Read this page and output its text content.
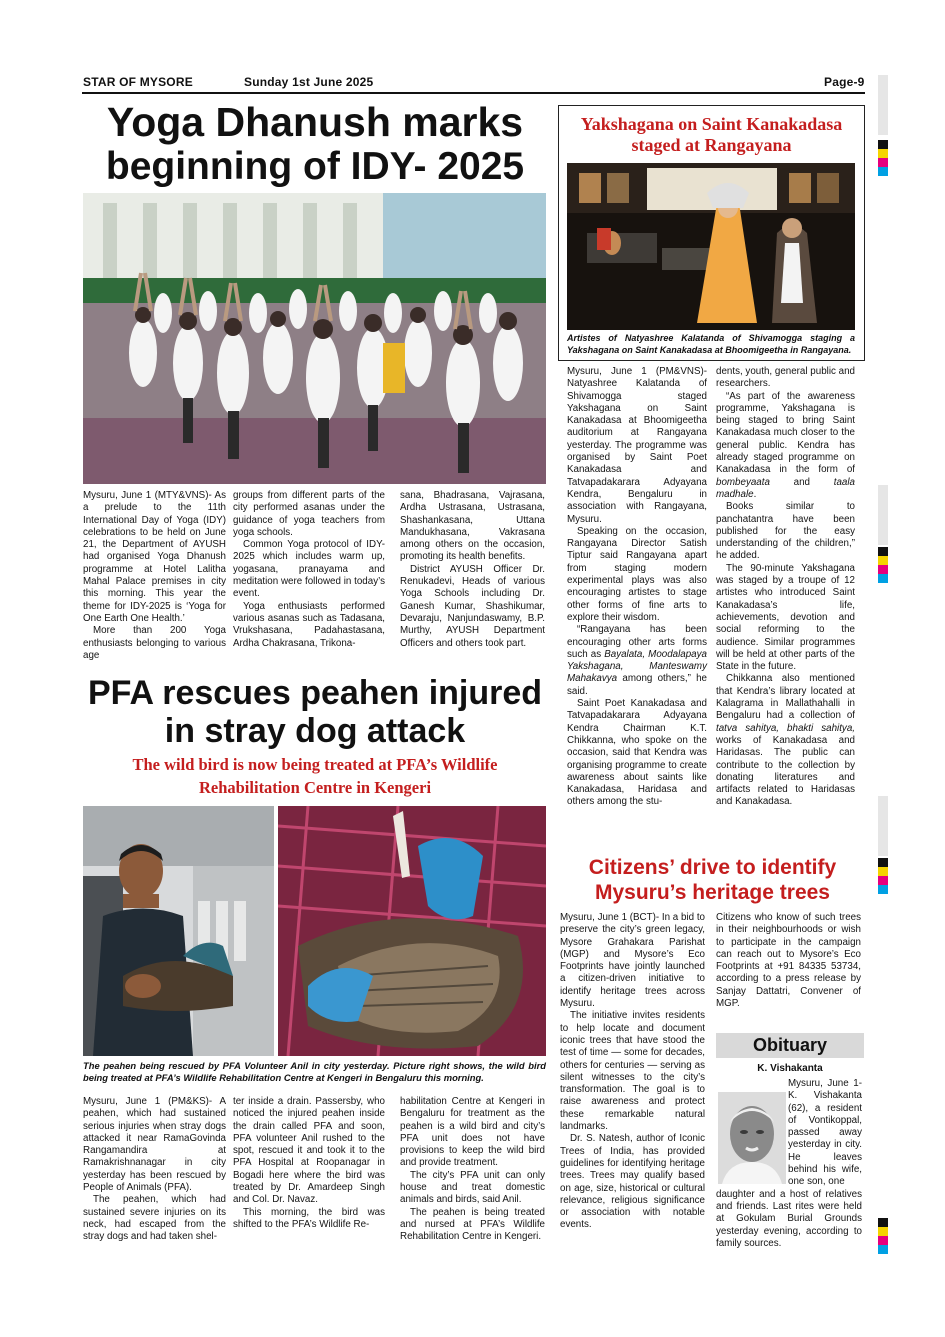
STAR OF MYSORE	Sunday 1st June 2025	Page-9
Yoga Dhanush marks
beginning of IDY- 2025

Mysuru, June 1 (MTY&VNS)- As a prelude to the 11th International Day of Yoga (IDY) celebrations to be held on June 21, the Department of AYUSH had organised Yoga Dhanush programme at Hotel Lalitha Mahal Palace premises in city this morning. This year the theme for IDY-2025 is ‘Yoga for One Earth One Health.’

More than 200 Yoga enthusiasts belonging to various age

groups from different parts of the city performed asanas under the guidance of yoga teachers from yoga schools.

Common Yoga protocol of IDY-2025 which includes warm up, yogasana, pranayama and meditation were followed in today’s event.

Yoga enthusiasts performed various asanas such as Tadasana, Vrukshasana, Padahastasana, Ardha Chakrasana, Trikona-

sana, Bhadrasana, Vajrasana, Ardha Ustrasana, Ustrasana, Shashankasana, Uttana Mandukhasana, Vakrasana among others on the occasion, promoting its health benefits.

District AYUSH Officer Dr. Renukadevi, Heads of various Yoga Schools including Dr. Ganesh Kumar, Shashikumar, Devaraju, Nanjundaswamy, B.P. Murthy, AYUSH Department Officers and others took part.

Yakshagana on Saint Kanakadasa
staged at Rangayana
Artistes of Natyashree Kalatanda of Shivamogga staging a Yakshagana on Saint Kanakadasa at Bhoomigeetha in Rangayana.

Mysuru, June 1 (PM&VNS)- Natyashree Kalatanda of Shivamogga staged Yakshagana on Saint Kanakadasa at Bhoomigeetha auditorium at Rangayana yesterday. The programme was organised by Saint Poet Kanakadasa and Tatvapadakarara Adyayana Kendra, Bengaluru in association with Rangayana, Mysuru.

Speaking on the occasion, Rangayana Director Satish Tiptur said Rangayana apart from staging modern experimental plays was also encouraging artistes to stage other forms of fine arts to explore their wisdom.

“Rangayana has been encouraging other arts forms such as Bayalata, Moodalapaya Yakshagana, Manteswamy Mahakavya among others,” he said.

Saint Poet Kanakadasa and Tatvapadakarara Adyayana Kendra Chairman K.T. Chikkanna, who spoke on the occasion, said that Kendra was organising programme to create awareness about saints like Kanakadasa, Haridasa and others among the stu-

dents, youth, general public and researchers.

“As part of the awareness programme, Yakshagana is being staged to bring Saint Kanakadasa much closer to the general public. Kendra has already staged programme on Kanakadasa in the form of bombeyaata and taala madhale.

Books similar to panchatantra have been published for the easy understanding of the children,” he added.

The 90-minute Yakshagana was staged by a troupe of 12 artistes who introduced Saint Kanakadasa’s life, achievements, devotion and social reforming to the audience. Similar programmes will be held at other parts of the State in the future.

Chikkanna also mentioned that Kendra’s library located at Kalagrama in Mallathahalli in Bengaluru had a collection of tatva sahitya, bhakti sahitya, works of Kanakadasa and Haridasas. The public can contribute to the collection by donating literatures and artifacts related to Haridasas and Kanakadasa.

PFA rescues peahen injured
in stray dog attack
The wild bird is now being treated at PFA’s Wildlife
Rehabilitation Centre in Kengeri
The peahen being rescued by PFA Volunteer Anil in city yesterday. Picture right shows, the wild bird being treated at PFA’s Wildlife Rehabilitation Centre at Kengeri in Bengaluru this morning.

Mysuru, June 1 (PM&KS)- A peahen, which had sustained serious injuries when stray dogs attacked it near RamaGovinda Rangamandira at Ramakrishnanagar in city yesterday has been rescued by People of Animals (PFA).

The peahen, which had sustained severe injuries on its neck, had escaped from the stray dogs and had taken shel-

ter inside a drain. Passersby, who noticed the injured peahen inside the drain called PFA and soon, PFA volunteer Anil rushed to the spot, rescued it and took it to the PFA Hospital at Roopanagar in Bogadi here where the bird was treated by Dr. Amardeep Singh and Col. Dr. Navaz.

This morning, the bird was shifted to the PFA’s Wildlife Re-

habilitation Centre at Kengeri in Bengaluru for treatment as the peahen is a wild bird and city’s PFA unit does not have provisions to keep the wild bird and provide treatment.

The city’s PFA unit can only house and treat domestic animals and birds, said Anil.

The peahen is being treated and nursed at PFA’s Wildlife Rehabilitation Centre in Kengeri.

Citizens’ drive to identify
Mysuru’s heritage trees

Mysuru, June 1 (BCT)- In a bid to preserve the city’s green legacy, Mysore Grahakara Parishat (MGP) and Mysore’s Eco Footprints have jointly launched a citizen-driven initiative to identify heritage trees across Mysuru.

The initiative invites residents to help locate and document iconic trees that have stood the test of time — some for decades, others for centuries — serving as silent witnesses to the city’s transformation. The goal is to raise awareness and protect these remarkable natural landmarks.

Dr. S. Natesh, author of Iconic Trees of India, has provided guidelines for identifying heritage trees. Trees may qualify based on age, size, historical or cultural relevance, religious significance or association with notable events.

Citizens who know of such trees in their neighbourhoods or wish to participate in the campaign can reach out to Mysore’s Eco Footprints at +91 84335 53734, according to a press release by Sanjay Dattatri, Convener of MGP.

Obituary
K. Vishakanta

Mysuru, June 1- K. Vishakanta (62), a resident of Vontikoppal, passed away yesterday in city. He leaves behind his wife, one son, one

daughter and a host of relatives and friends. Last rites were held at Gokulam Burial Grounds yesterday evening, according to family sources.
